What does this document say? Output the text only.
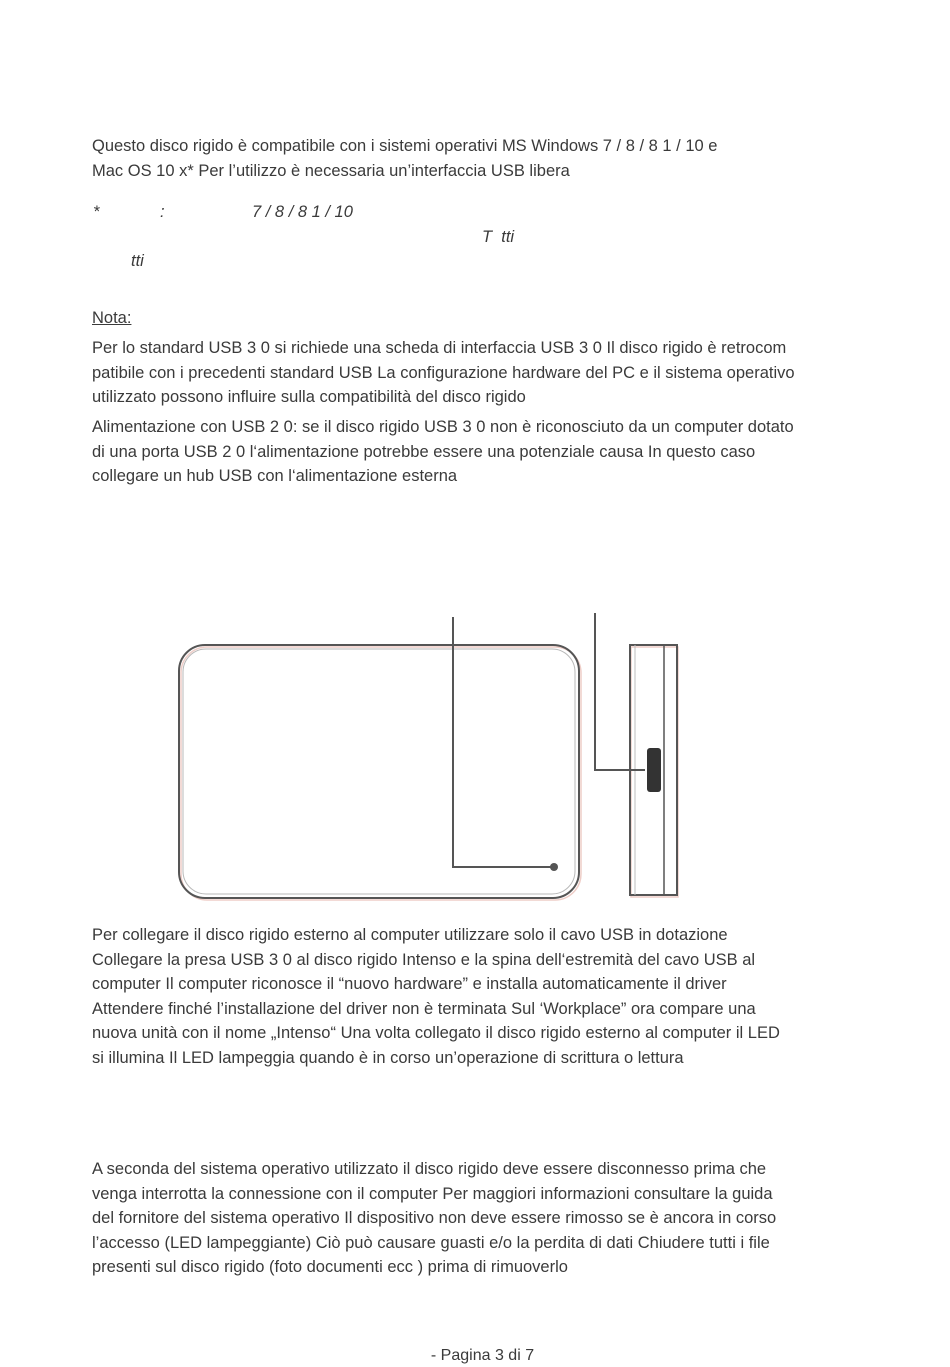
Questo disco rigido è compatibile con i sistemi operativi MS Windows 7 / 8 / 8 1 / 10 e
Mac OS 10 x* Per l’utilizzo è necessaria un’interfaccia USB libera

*	:	7 / 8 / 8 1 / 10

T  tti

tti

Nota:

Per lo standard USB 3 0 si richiede una scheda di interfaccia USB 3 0 Il disco rigido è retrocom
patibile con i precedenti standard USB La configurazione hardware del PC e il sistema operativo
utilizzato possono influire sulla compatibilità del disco rigido

Alimentazione con USB 2 0: se il disco rigido USB 3 0 non è riconosciuto da un computer dotato
di una porta USB 2 0 l‘alimentazione potrebbe essere una potenziale causa In questo caso
collegare un hub USB con l‘alimentazione esterna

Per collegare il disco rigido esterno al computer utilizzare solo il cavo USB in dotazione
Collegare la presa USB 3 0 al disco rigido Intenso e la spina dell‘estremità del cavo USB al
computer Il computer riconosce il “nuovo hardware” e installa automaticamente il driver
Attendere finché l’installazione del driver non è terminata Sul ‘Workplace” ora compare una
nuova unità con il nome „Intenso“ Una volta collegato il disco rigido esterno al computer il LED
si illumina Il LED lampeggia quando è in corso un’operazione di scrittura o lettura

A seconda del sistema operativo utilizzato il disco rigido deve essere disconnesso prima che
venga interrotta la connessione con il computer Per maggiori informazioni consultare la guida
del fornitore del sistema operativo Il dispositivo non deve essere rimosso se è ancora in corso
l’accesso (LED lampeggiante) Ciò può causare guasti e/o la perdita di dati Chiudere tutti i file
presenti sul disco rigido (foto documenti ecc ) prima di rimuoverlo

- Pagina 3 di 7
